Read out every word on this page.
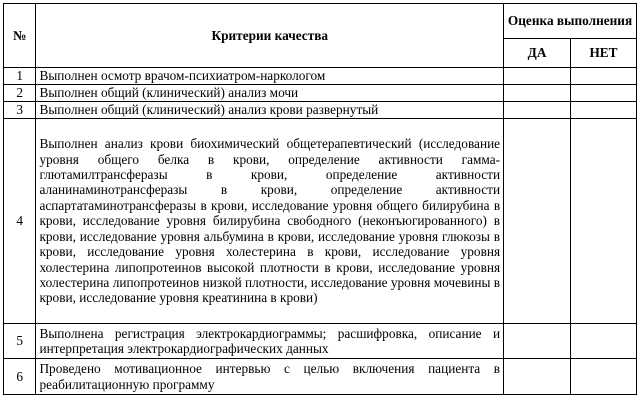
№	Критерии качества	Оценка выполнения	
		ДА	НЕТ
1	Выполнен осмотр врачом-психиатром-наркологом		
2	Выполнен общий (клинический) анализ мочи		
3	Выполнен общий (клинический) анализ крови развернутый		
4	Выполнен анализ крови биохимический общетерапевтический (исследование уровня общего белка в крови, определение активности гамма-глютамилтрансферазы в крови, определение активности аланинаминотрансферазы в крови, определение активности аспартатаминотрансферазы в крови, исследование уровня общего билирубина в крови, исследование уровня билирубина свободного (неконъюгированного) в крови, исследование уровня альбумина в крови, исследование уровня глюкозы в крови, исследование уровня холестерина в крови, исследование уровня холестерина липопротеинов высокой плотности в крови, исследование уровня холестерина липопротеинов низкой плотности, исследование уровня мочевины в крови, исследование уровня креатинина в крови)		
5	Выполнена регистрация электрокардиограммы; расшифровка, описание и интерпретация электрокардиографических данных		
6	Проведено мотивационное интервью с целью включения пациента в реабилитационную программу		
